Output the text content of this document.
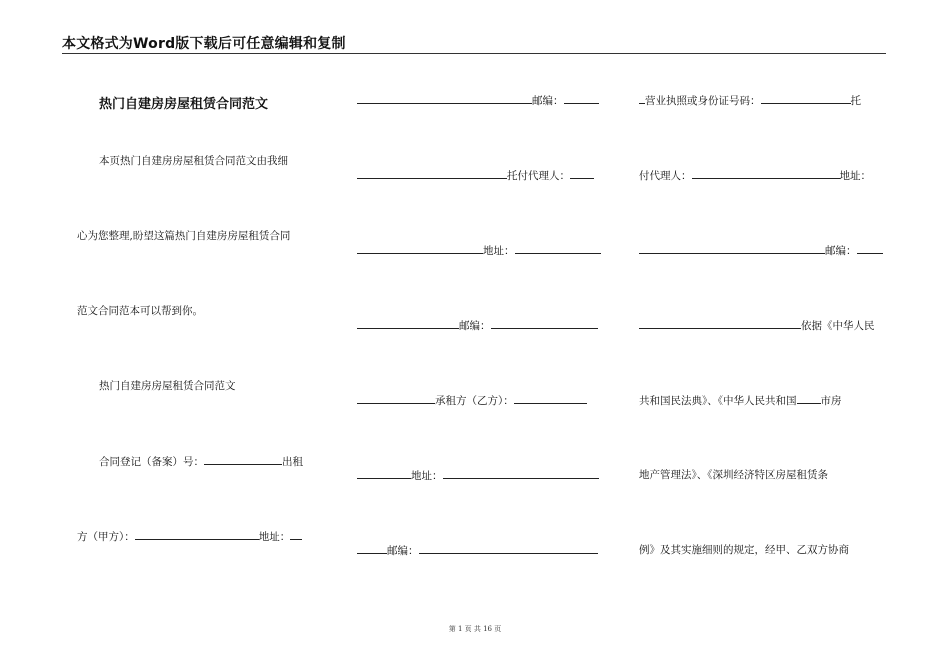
本文格式为Word版下载后可任意编辑和复制
热门自建房房屋租赁合同范文
本页热门自建房房屋租赁合同范文由我细
心为您整理,盼望这篇热门自建房房屋租赁合同
范文合同范本可以帮到你。
热门自建房房屋租赁合同范文
合同登记（备案）号：	出租
方（甲方）：	地址：
邮编：
托付代理人：
地址：
邮编：
承租方（乙方）：
地址：
邮编：
营业执照或身份证号码：	托
付代理人：	地址：
邮编：
依据《中华人民
共和国民法典》、《中华人民共和国 市房
地产管理法》、《深圳经济特区房屋租赁条
例》及其实施细则的规定，经甲、乙双方协商
第 1 页 共 16 页
